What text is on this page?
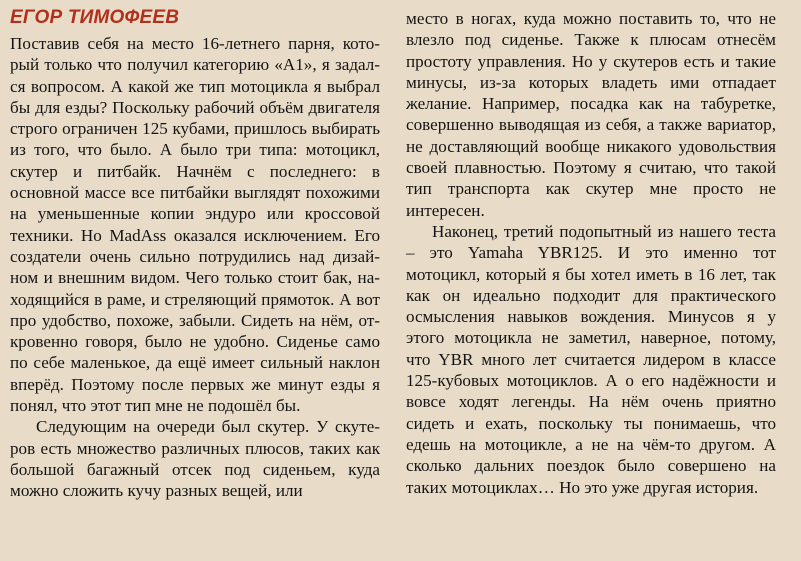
ЕГОР ТИМОФЕЕВ

Поставив себя на место 16-летнего парня, который только что получил категорию «А1», я задался вопросом. А какой же тип мотоцикла я выбрал бы для езды? Поскольку рабочий объём двигателя строго ограничен 125 кубами, пришлось выбирать из того, что было. А было три типа: мотоцикл, скутер и питбайк. Начнём с последнего: в основной массе все питбайки выглядят похожими на уменьшенные копии эндуро или кроссовой техники. Но MadAss оказался исключением. Его создатели очень сильно потрудились над дизайном и внешним видом. Чего только стоит бак, находящийся в раме, и стреляющий прямоток. А вот про удобство, похоже, забыли. Сидеть на нём, откровенно говоря, было не удобно. Сиденье само по себе маленькое, да ещё имеет сильный наклон вперёд. Поэтому после первых же минут езды я понял, что этот тип мне не подошёл бы.

Следующим на очереди был скутер. У скутеров есть множество различных плюсов, таких как большой багажный отсек под сиденьем, куда можно сложить кучу разных вещей, или

место в ногах, куда можно поставить то, что не влезло под сиденье. Также к плюсам отнесём простоту управления. Но у скутеров есть и такие минусы, из-за которых владеть ими отпадает желание. Например, посадка как на табуретке, совершенно выводящая из себя, а также вариатор, не доставляющий вообще никакого удовольствия своей плавностью. Поэтому я считаю, что такой тип транспорта как скутер мне просто не интересен.

Наконец, третий подопытный из нашего теста – это Yamaha YBR125. И это именно тот мотоцикл, который я бы хотел иметь в 16 лет, так как он идеально подходит для практического осмысления навыков вождения. Минусов я у этого мотоцикла не заметил, наверное, потому, что YBR много лет считается лидером в классе 125-кубовых мотоциклов. А о его надёжности и вовсе ходят легенды. На нём очень приятно сидеть и ехать, поскольку ты понимаешь, что едешь на мотоцикле, а не на чём-то другом. А сколько дальних поездок было совершено на таких мотоциклах… Но это уже другая история.
